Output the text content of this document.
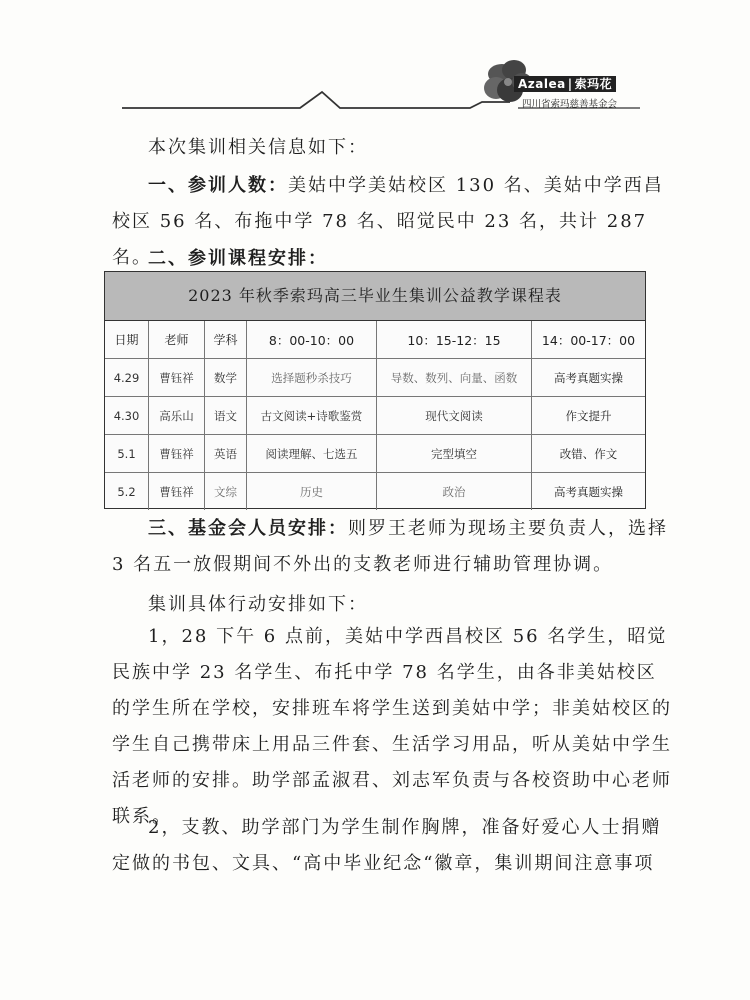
Azalea | 索玛花
四川省索玛慈善基金会
本次集训相关信息如下：
一、参训人数：美姑中学美姑校区 130 名、美姑中学西昌校区 56 名、布拖中学 78 名、昭觉民中 23 名，共计 287 名。
二、参训课程安排：
2023 年秋季索玛高三毕业生集训公益教学课程表
日期	老师	学科	8：00-10：00	10：15-12：15	14：00-17：00
4.29	曹钰祥	数学	选择题秒杀技巧	导数、数列、向量、函数	高考真题实操
4.30	高乐山	语文	古文阅读+诗歌鉴赏	现代文阅读	作文提升
5.1	曹钰祥	英语	阅读理解、七选五	完型填空	改错、作文
5.2	曹钰祥	文综	历史	政治	高考真题实操
三、基金会人员安排：则罗王老师为现场主要负责人，选择 3 名五一放假期间不外出的支教老师进行辅助管理协调。
集训具体行动安排如下：
1，28 下午 6 点前，美姑中学西昌校区 56 名学生，昭觉民族中学 23 名学生、布托中学 78 名学生，由各非美姑校区的学生所在学校，安排班车将学生送到美姑中学；非美姑校区的学生自己携带床上用品三件套、生活学习用品，听从美姑中学生活老师的安排。助学部孟淑君、刘志军负责与各校资助中心老师联系。
2，支教、助学部门为学生制作胸牌，准备好爱心人士捐赠定做的书包、文具、“高中毕业纪念“徽章，集训期间注意事项
